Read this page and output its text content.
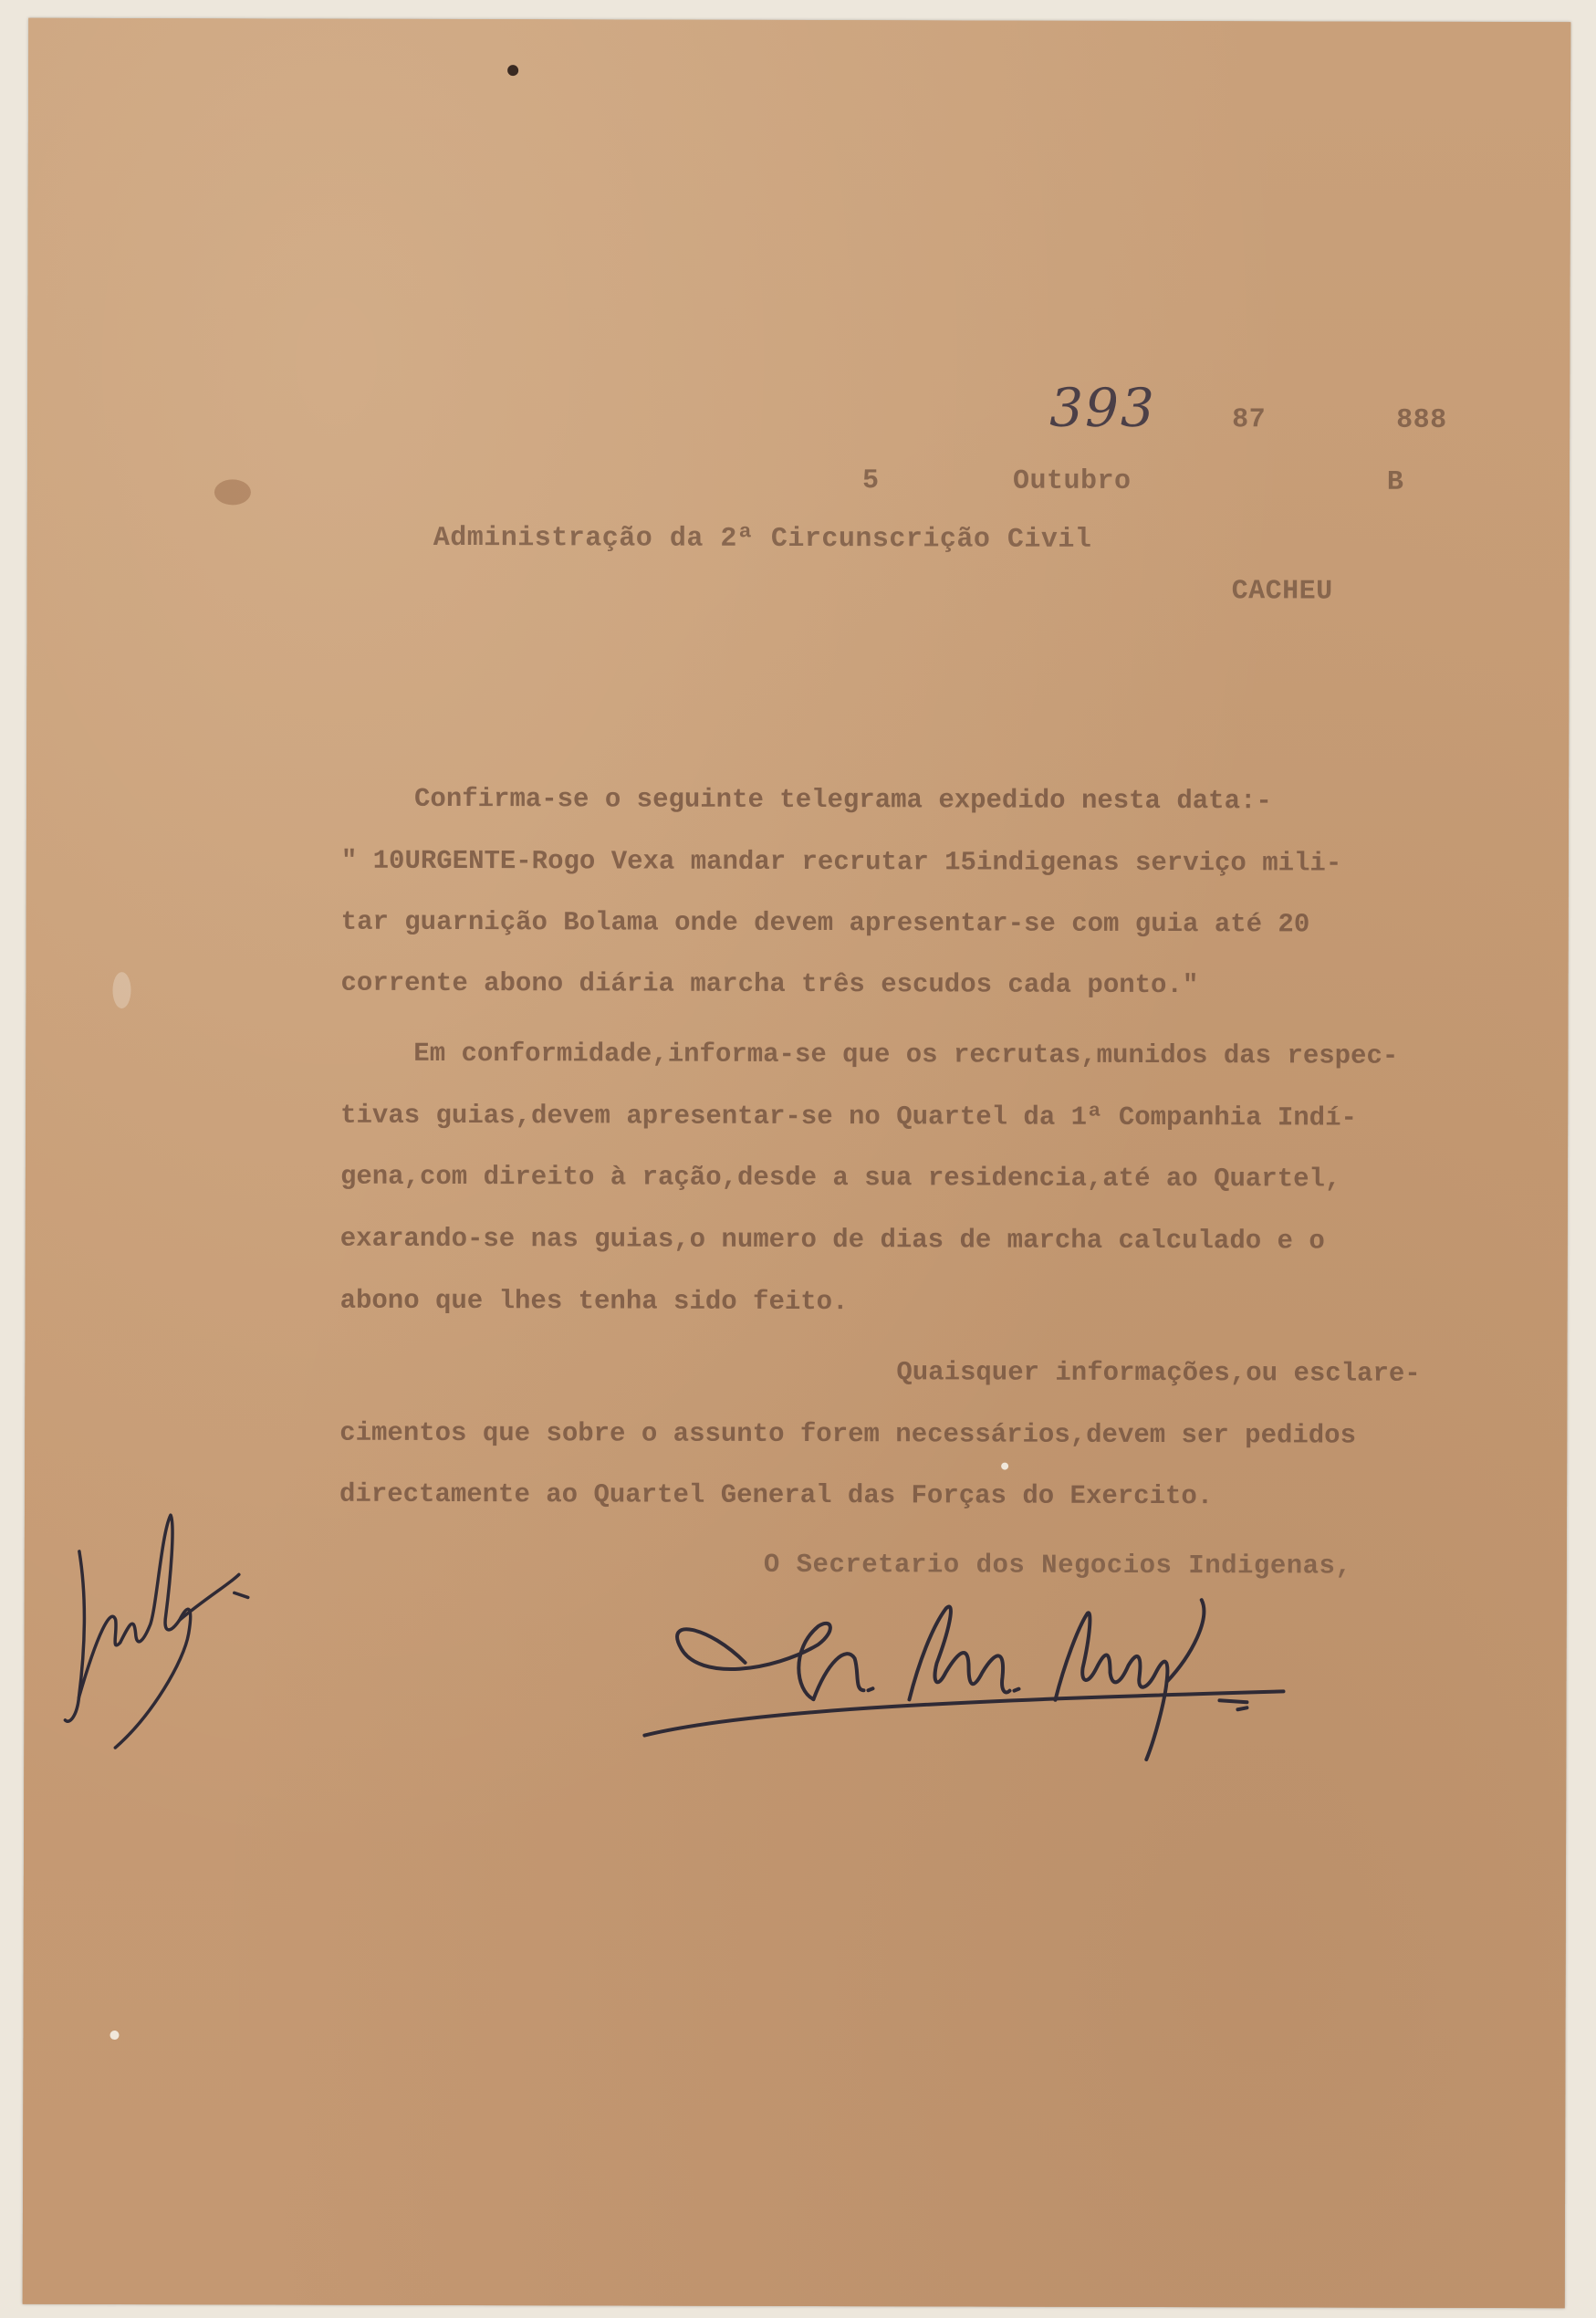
393	87	888
5	Outubro	B
Administração da 2ª Circunscrição Civil
CACHEU
Confirma-se o seguinte telegrama expedido nesta data:-
" 10URGENTE-Rogo Vexa mandar recrutar 15indigenas serviço mili-
tar guarnição Bolama onde devem apresentar-se com guia até 20
corrente abono diária marcha três escudos cada ponto."
Em conformidade,informa-se que os recrutas,munidos das respec-
tivas guias,devem apresentar-se no Quartel da 1ª Companhia Indí-
gena,com direito à ração,desde a sua residencia,até ao Quartel,
exarando-se nas guias,o numero de dias de marcha calculado e o
abono que lhes tenha sido feito.
Quaisquer informações,ou esclare-
cimentos que sobre o assunto forem necessários,devem ser pedidos
directamente ao Quartel General das Forças do Exercito.
O Secretario dos Negocios Indigenas,
